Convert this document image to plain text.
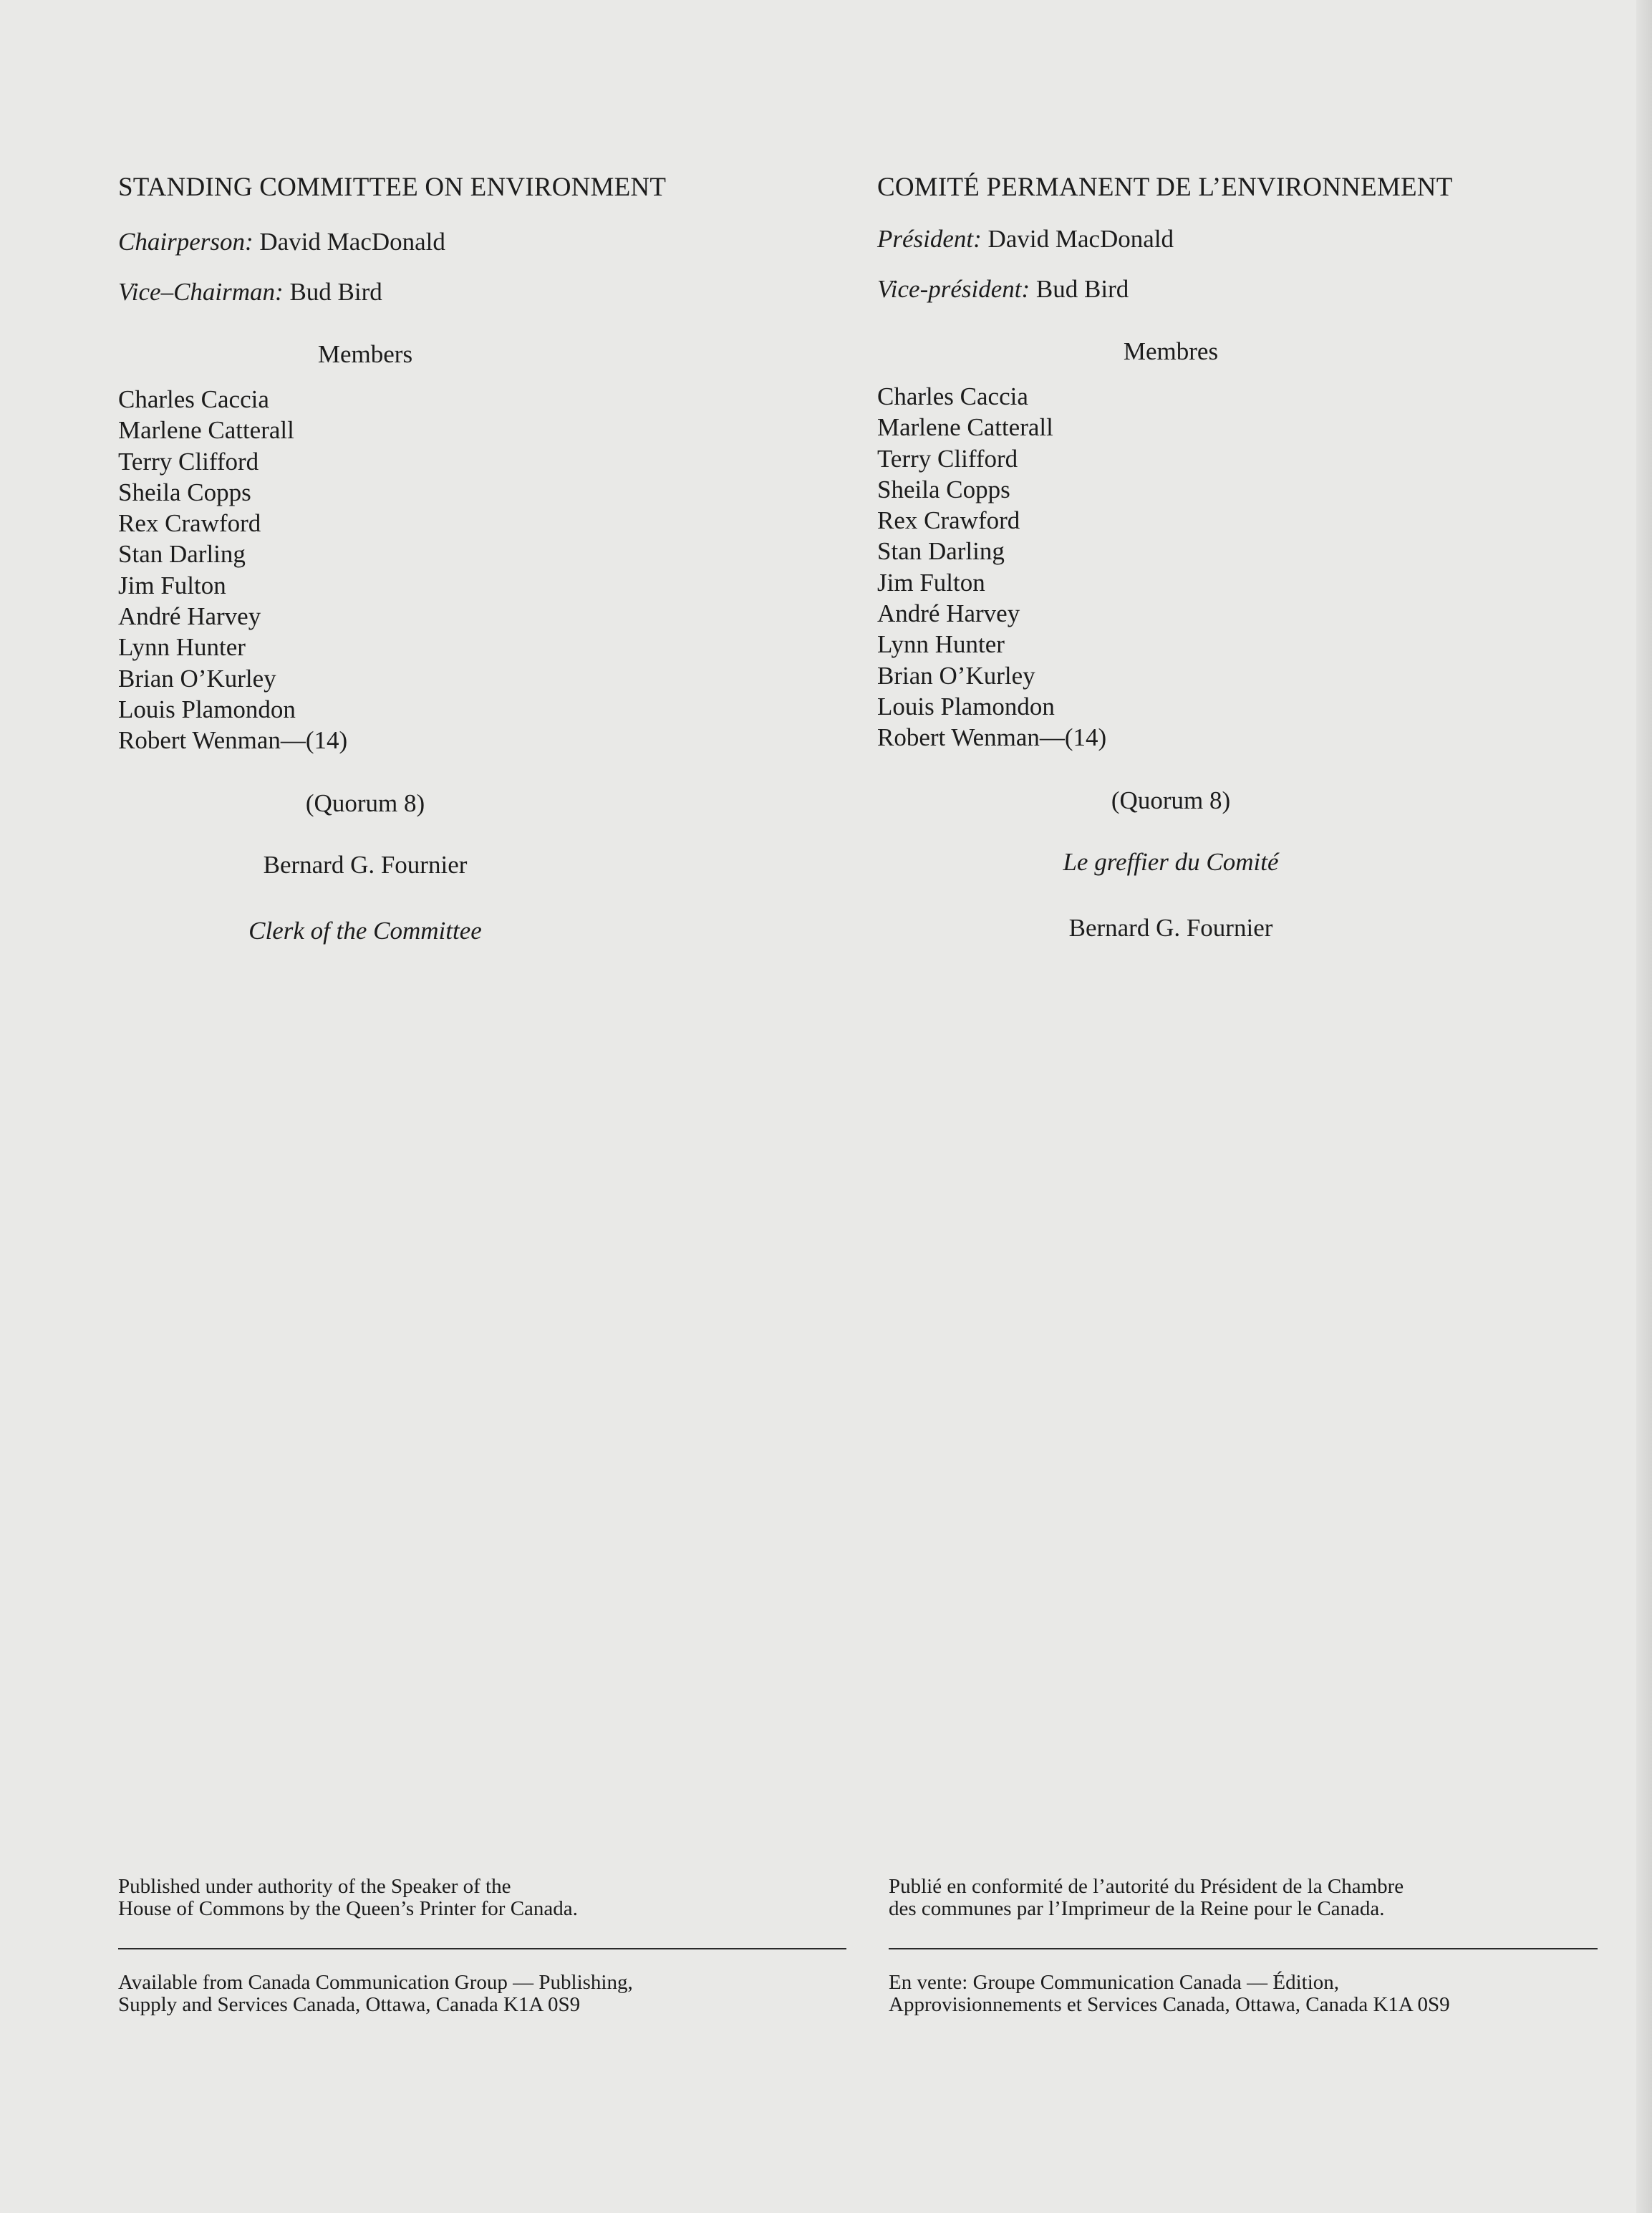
STANDING COMMITTEE ON ENVIRONMENT
Chairperson: David MacDonald
Vice–Chairman: Bud Bird
Members
Charles Caccia
Marlene Catterall
Terry Clifford
Sheila Copps
Rex Crawford
Stan Darling
Jim Fulton
André Harvey
Lynn Hunter
Brian O’Kurley
Louis Plamondon
Robert Wenman—(14)
(Quorum 8)
Bernard G. Fournier
Clerk of the Committee
Published under authority of the Speaker of the
House of Commons by the Queen’s Printer for Canada.
Available from Canada Communication Group — Publishing,
Supply and Services Canada, Ottawa, Canada K1A 0S9
COMITÉ PERMANENT DE L’ENVIRONNEMENT
Président: David MacDonald
Vice-président: Bud Bird
Membres
Charles Caccia
Marlene Catterall
Terry Clifford
Sheila Copps
Rex Crawford
Stan Darling
Jim Fulton
André Harvey
Lynn Hunter
Brian O’Kurley
Louis Plamondon
Robert Wenman—(14)
(Quorum 8)
Le greffier du Comité
Bernard G. Fournier
Publié en conformité de l’autorité du Président de la Chambre
des communes par l’Imprimeur de la Reine pour le Canada.
En vente: Groupe Communication Canada — Édition,
Approvisionnements et Services Canada, Ottawa, Canada K1A 0S9
